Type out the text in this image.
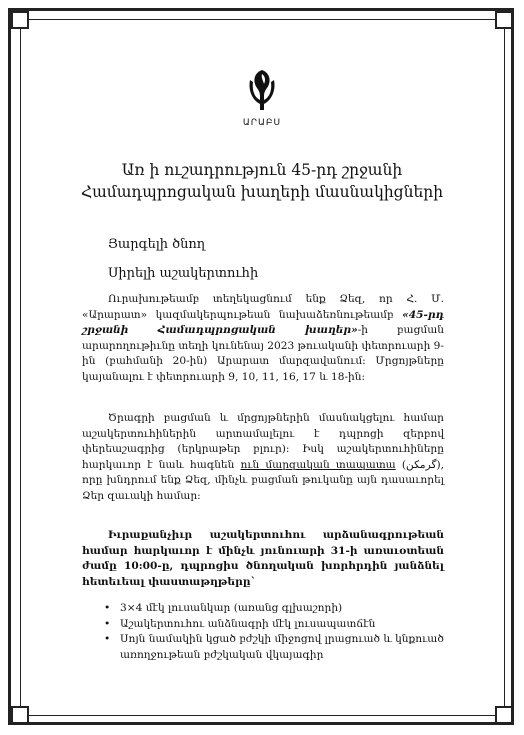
ԱՐԱԲՍ
Առ ի ուշադրություն 45-րդ շրջանի
Համադպրոցական խաղերի մասնակիցների
Յարգելի ծնող
Սիրելի աշակերտուհի
Ուրախութեամբ տեղեկացնում ենք Ձեզ, որ Հ. Մ. «Արարատ» կազմակերպութեան նախաձեռնութեամբ «45-րդ շրջանի Համադպրոցական խաղեր»-ի բացման արարողութիւնը տեղի կունենայ 2023 թուականի փետրուարի 9-ին (բահմանի 20-ին) Արարատ մարզավանում: Մրցոյթները կայանալու է փետրուարի 9, 10, 11, 16, 17 և 18-ին:
Ծրագրի բացման և մրցոյթներին մասնակցելու համար աշակերտուհիներին արտամալելու է դպրոցի զերբով փերեաշագրից (երկրաթեր բլուր): Իսկ աշակերտուհիները հարկաւոր է նաև հագնեն ուն մարզական տապատա (گرمکن), որը խնդրում ենք Ձեզ, մինչև բացման թուկանը այն դասաւորել Ձեր զաւակի համար:
Իւրաքանչիւր աշակերտուհու արձանագրութեան համար հարկաւոր է մինչև յունուարի 31-ի առաւօտեան ժամը 10:00-ը, դպրոցիս ծնողական խորհրդին յանձնել հետեւեալ փաստաթղթերը`
• 3×4 մէկ լուսանկար (առանց գլխաշորի)
• Աշակերտուհու անձնագրի մէկ լուսապատճէն
• Սոյն նամակին կցած բժշկի միջոցով լրացուած և կնքուած առողջութեան բժշկական վկայագիր
